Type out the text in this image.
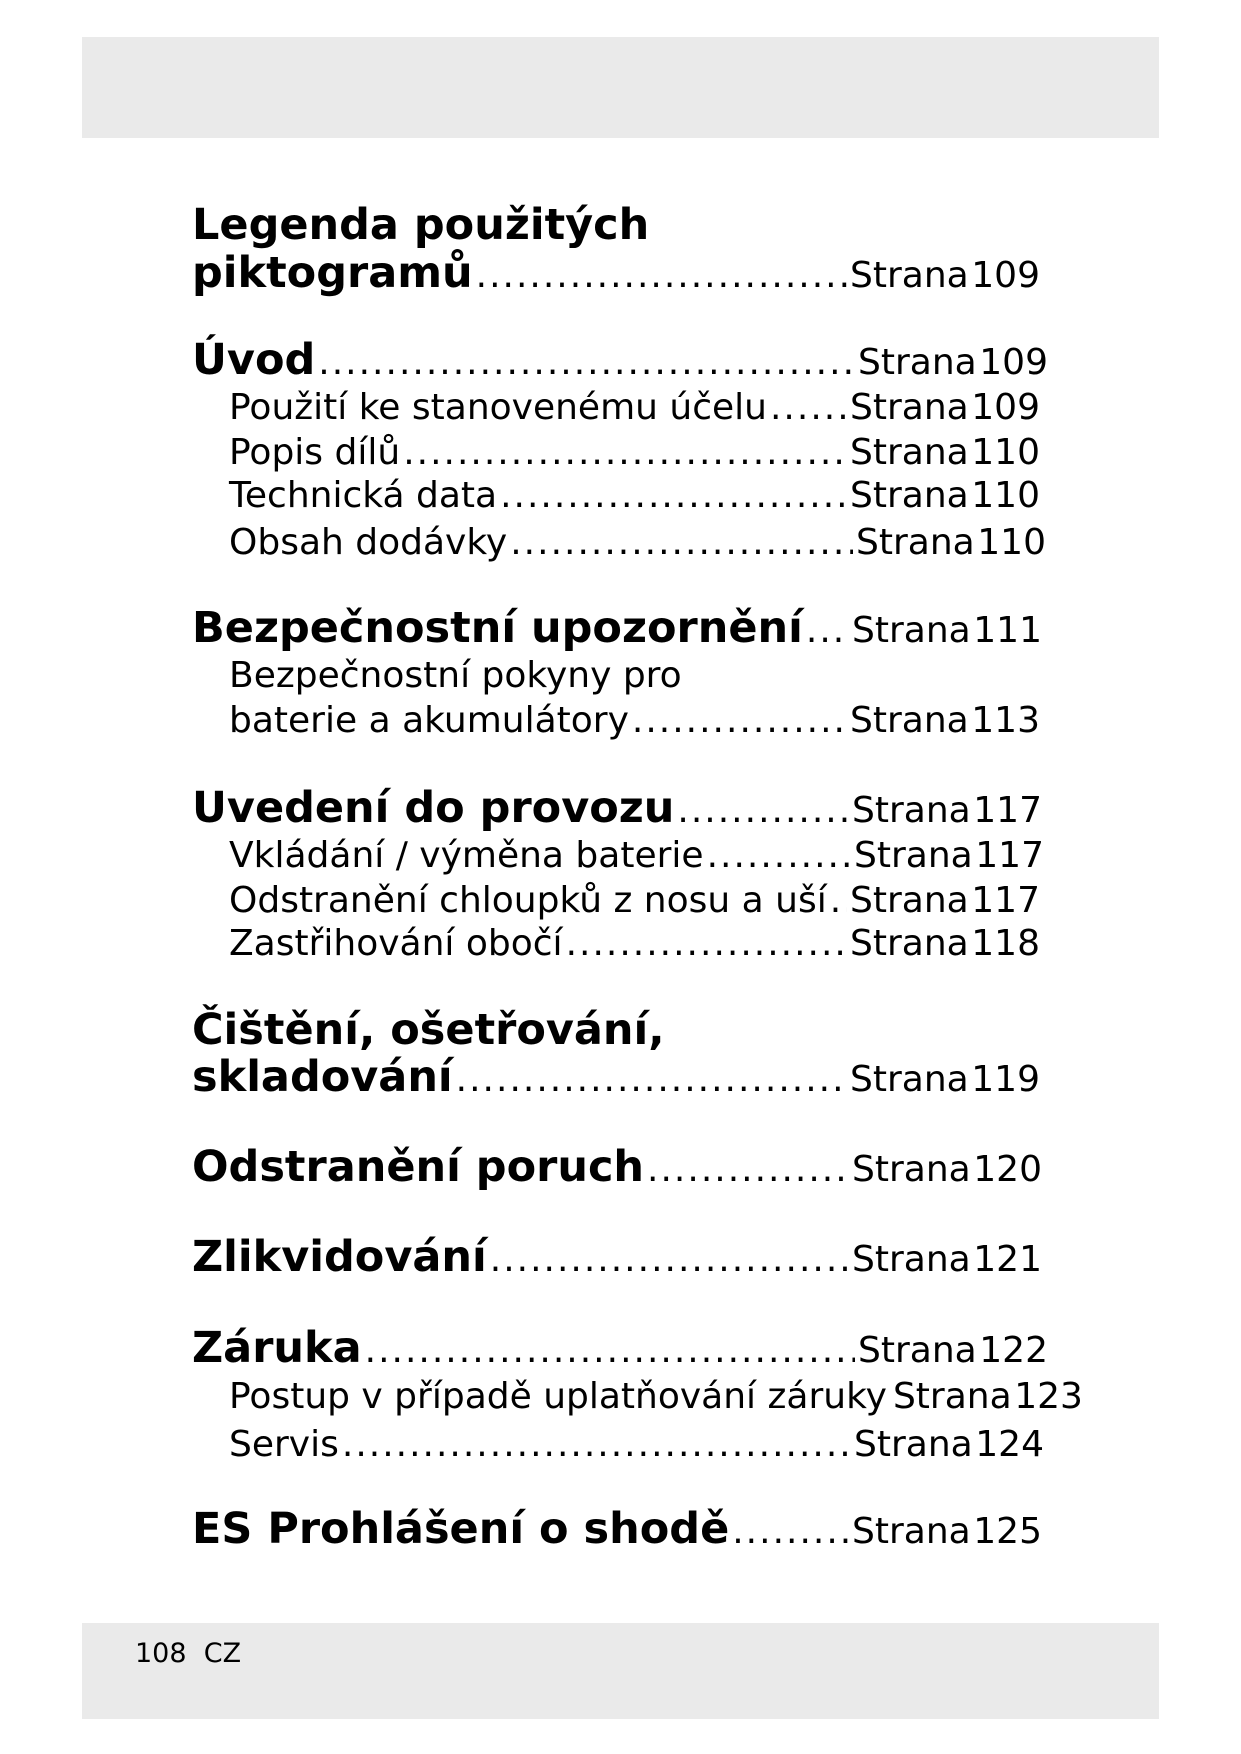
Legenda použitých
piktogramů .....	Strana 109
Úvod .....	Strana 109
Použití ke stanovenému účelu ..... Strana 109
Popis dílů .....	Strana 110
Technická data .....	Strana 110
Obsah dodávky .....	Strana 110
Bezpečnostní upozornění ..... Strana 111
Bezpečnostní pokyny pro
baterie a akumulátory .....	Strana 113
Uvedení do provozu .....	Strana 117
Vkládání / výměna baterie .....	Strana 117
Odstranění chloupků z nosu a uší ..... Strana 117
Zastřihování obočí .....	Strana 118
Čištění, ošetřování,
skladování .....	Strana 119
Odstranění poruch .....	Strana 120
Zlikvidování .....	Strana 121
Záruka .....	Strana 122
Postup v případě uplatňování záruky Strana 123
Servis .....	Strana 124
ES Prohlášení o shodě .....	Strana 125
108 CZ
